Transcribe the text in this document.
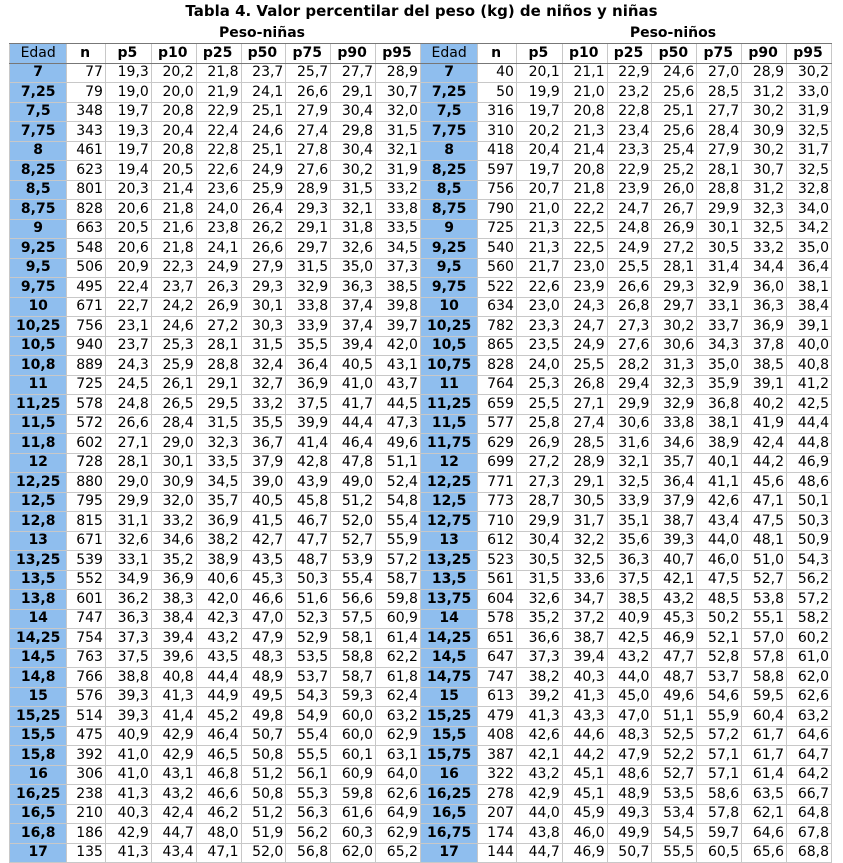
Tabla 4. Valor percentilar del peso (kg) de niños y niñas
		Peso-niñas									Peso-niños						
Edad	n	p5	p10	p25	p50	p75	p90	p95	Edad	n	p5	p10	p25	p50	p75	p90	p95
7	77	19,3	20,2	21,8	23,7	25,7	27,7	28,9	7	40	20,1	21,1	22,9	24,6	27,0	28,9	30,2
7,25	79	19,0	20,0	21,9	24,1	26,6	29,1	30,7	7,25	50	19,9	21,0	23,2	25,6	28,5	31,2	33,0
7,5	348	19,7	20,8	22,9	25,1	27,9	30,4	32,0	7,5	316	19,7	20,8	22,8	25,1	27,7	30,2	31,9
7,75	343	19,3	20,4	22,4	24,6	27,4	29,8	31,5	7,75	310	20,2	21,3	23,4	25,6	28,4	30,9	32,5
8	461	19,7	20,8	22,8	25,1	27,8	30,4	32,1	8	418	20,4	21,4	23,3	25,4	27,9	30,2	31,7
8,25	623	19,4	20,5	22,6	24,9	27,6	30,2	31,9	8,25	597	19,7	20,8	22,9	25,2	28,1	30,7	32,5
8,5	801	20,3	21,4	23,6	25,9	28,9	31,5	33,2	8,5	756	20,7	21,8	23,9	26,0	28,8	31,2	32,8
8,75	828	20,6	21,8	24,0	26,4	29,3	32,1	33,8	8,75	790	21,0	22,2	24,7	26,7	29,9	32,3	34,0
9	663	20,5	21,6	23,8	26,2	29,1	31,8	33,5	9	725	21,3	22,5	24,8	26,9	30,1	32,5	34,2
9,25	548	20,6	21,8	24,1	26,6	29,7	32,6	34,5	9,25	540	21,3	22,5	24,9	27,2	30,5	33,2	35,0
9,5	506	20,9	22,3	24,9	27,9	31,5	35,0	37,3	9,5	560	21,7	23,0	25,5	28,1	31,4	34,4	36,4
9,75	495	22,4	23,7	26,3	29,3	32,9	36,3	38,5	9,75	522	22,6	23,9	26,6	29,3	32,9	36,0	38,1
10	671	22,7	24,2	26,9	30,1	33,8	37,4	39,8	10	634	23,0	24,3	26,8	29,7	33,1	36,3	38,4
10,25	756	23,1	24,6	27,2	30,3	33,9	37,4	39,7	10,25	782	23,3	24,7	27,3	30,2	33,7	36,9	39,1
10,5	940	23,7	25,3	28,1	31,5	35,5	39,4	42,0	10,5	865	23,5	24,9	27,6	30,6	34,3	37,8	40,0
10,8	889	24,3	25,9	28,8	32,4	36,4	40,5	43,1	10,75	828	24,0	25,5	28,2	31,3	35,0	38,5	40,8
11	725	24,5	26,1	29,1	32,7	36,9	41,0	43,7	11	764	25,3	26,8	29,4	32,3	35,9	39,1	41,2
11,25	578	24,8	26,5	29,5	33,2	37,5	41,7	44,5	11,25	659	25,5	27,1	29,9	32,9	36,8	40,2	42,5
11,5	572	26,6	28,4	31,5	35,5	39,9	44,4	47,3	11,5	577	25,8	27,4	30,6	33,8	38,1	41,9	44,4
11,8	602	27,1	29,0	32,3	36,7	41,4	46,4	49,6	11,75	629	26,9	28,5	31,6	34,6	38,9	42,4	44,8
12	728	28,1	30,1	33,5	37,9	42,8	47,8	51,1	12	699	27,2	28,9	32,1	35,7	40,1	44,2	46,9
12,25	880	29,0	30,9	34,5	39,0	43,9	49,0	52,4	12,25	771	27,3	29,1	32,5	36,4	41,1	45,6	48,6
12,5	795	29,9	32,0	35,7	40,5	45,8	51,2	54,8	12,5	773	28,7	30,5	33,9	37,9	42,6	47,1	50,1
12,8	815	31,1	33,2	36,9	41,5	46,7	52,0	55,4	12,75	710	29,9	31,7	35,1	38,7	43,4	47,5	50,3
13	671	32,6	34,6	38,2	42,7	47,7	52,7	55,9	13	612	30,4	32,2	35,6	39,3	44,0	48,1	50,9
13,25	539	33,1	35,2	38,9	43,5	48,7	53,9	57,2	13,25	523	30,5	32,5	36,3	40,7	46,0	51,0	54,3
13,5	552	34,9	36,9	40,6	45,3	50,3	55,4	58,7	13,5	561	31,5	33,6	37,5	42,1	47,5	52,7	56,2
13,8	601	36,2	38,3	42,0	46,6	51,6	56,6	59,8	13,75	604	32,6	34,7	38,5	43,2	48,5	53,8	57,2
14	747	36,3	38,4	42,3	47,0	52,3	57,5	60,9	14	578	35,2	37,2	40,9	45,3	50,2	55,1	58,2
14,25	754	37,3	39,4	43,2	47,9	52,9	58,1	61,4	14,25	651	36,6	38,7	42,5	46,9	52,1	57,0	60,2
14,5	763	37,5	39,6	43,5	48,3	53,5	58,8	62,2	14,5	647	37,3	39,4	43,2	47,7	52,8	57,8	61,0
14,8	766	38,8	40,8	44,4	48,9	53,7	58,7	61,8	14,75	747	38,2	40,3	44,0	48,7	53,7	58,8	62,0
15	576	39,3	41,3	44,9	49,5	54,3	59,3	62,4	15	613	39,2	41,3	45,0	49,6	54,6	59,5	62,6
15,25	514	39,3	41,4	45,2	49,8	54,9	60,0	63,2	15,25	479	41,3	43,3	47,0	51,1	55,9	60,4	63,2
15,5	475	40,9	42,9	46,4	50,7	55,4	60,0	62,9	15,5	408	42,6	44,6	48,3	52,5	57,2	61,7	64,6
15,8	392	41,0	42,9	46,5	50,8	55,5	60,1	63,1	15,75	387	42,1	44,2	47,9	52,2	57,1	61,7	64,7
16	306	41,0	43,1	46,8	51,2	56,1	60,9	64,0	16	322	43,2	45,1	48,6	52,7	57,1	61,4	64,2
16,25	238	41,3	43,2	46,6	50,8	55,3	59,8	62,6	16,25	278	42,9	45,1	48,9	53,5	58,6	63,5	66,7
16,5	210	40,3	42,4	46,2	51,2	56,3	61,6	64,9	16,5	207	44,0	45,9	49,3	53,4	57,8	62,1	64,8
16,8	186	42,9	44,7	48,0	51,9	56,2	60,3	62,9	16,75	174	43,8	46,0	49,9	54,5	59,7	64,6	67,8
17	135	41,3	43,4	47,1	52,0	56,8	62,0	65,2	17	144	44,7	46,9	50,7	55,5	60,5	65,6	68,8
